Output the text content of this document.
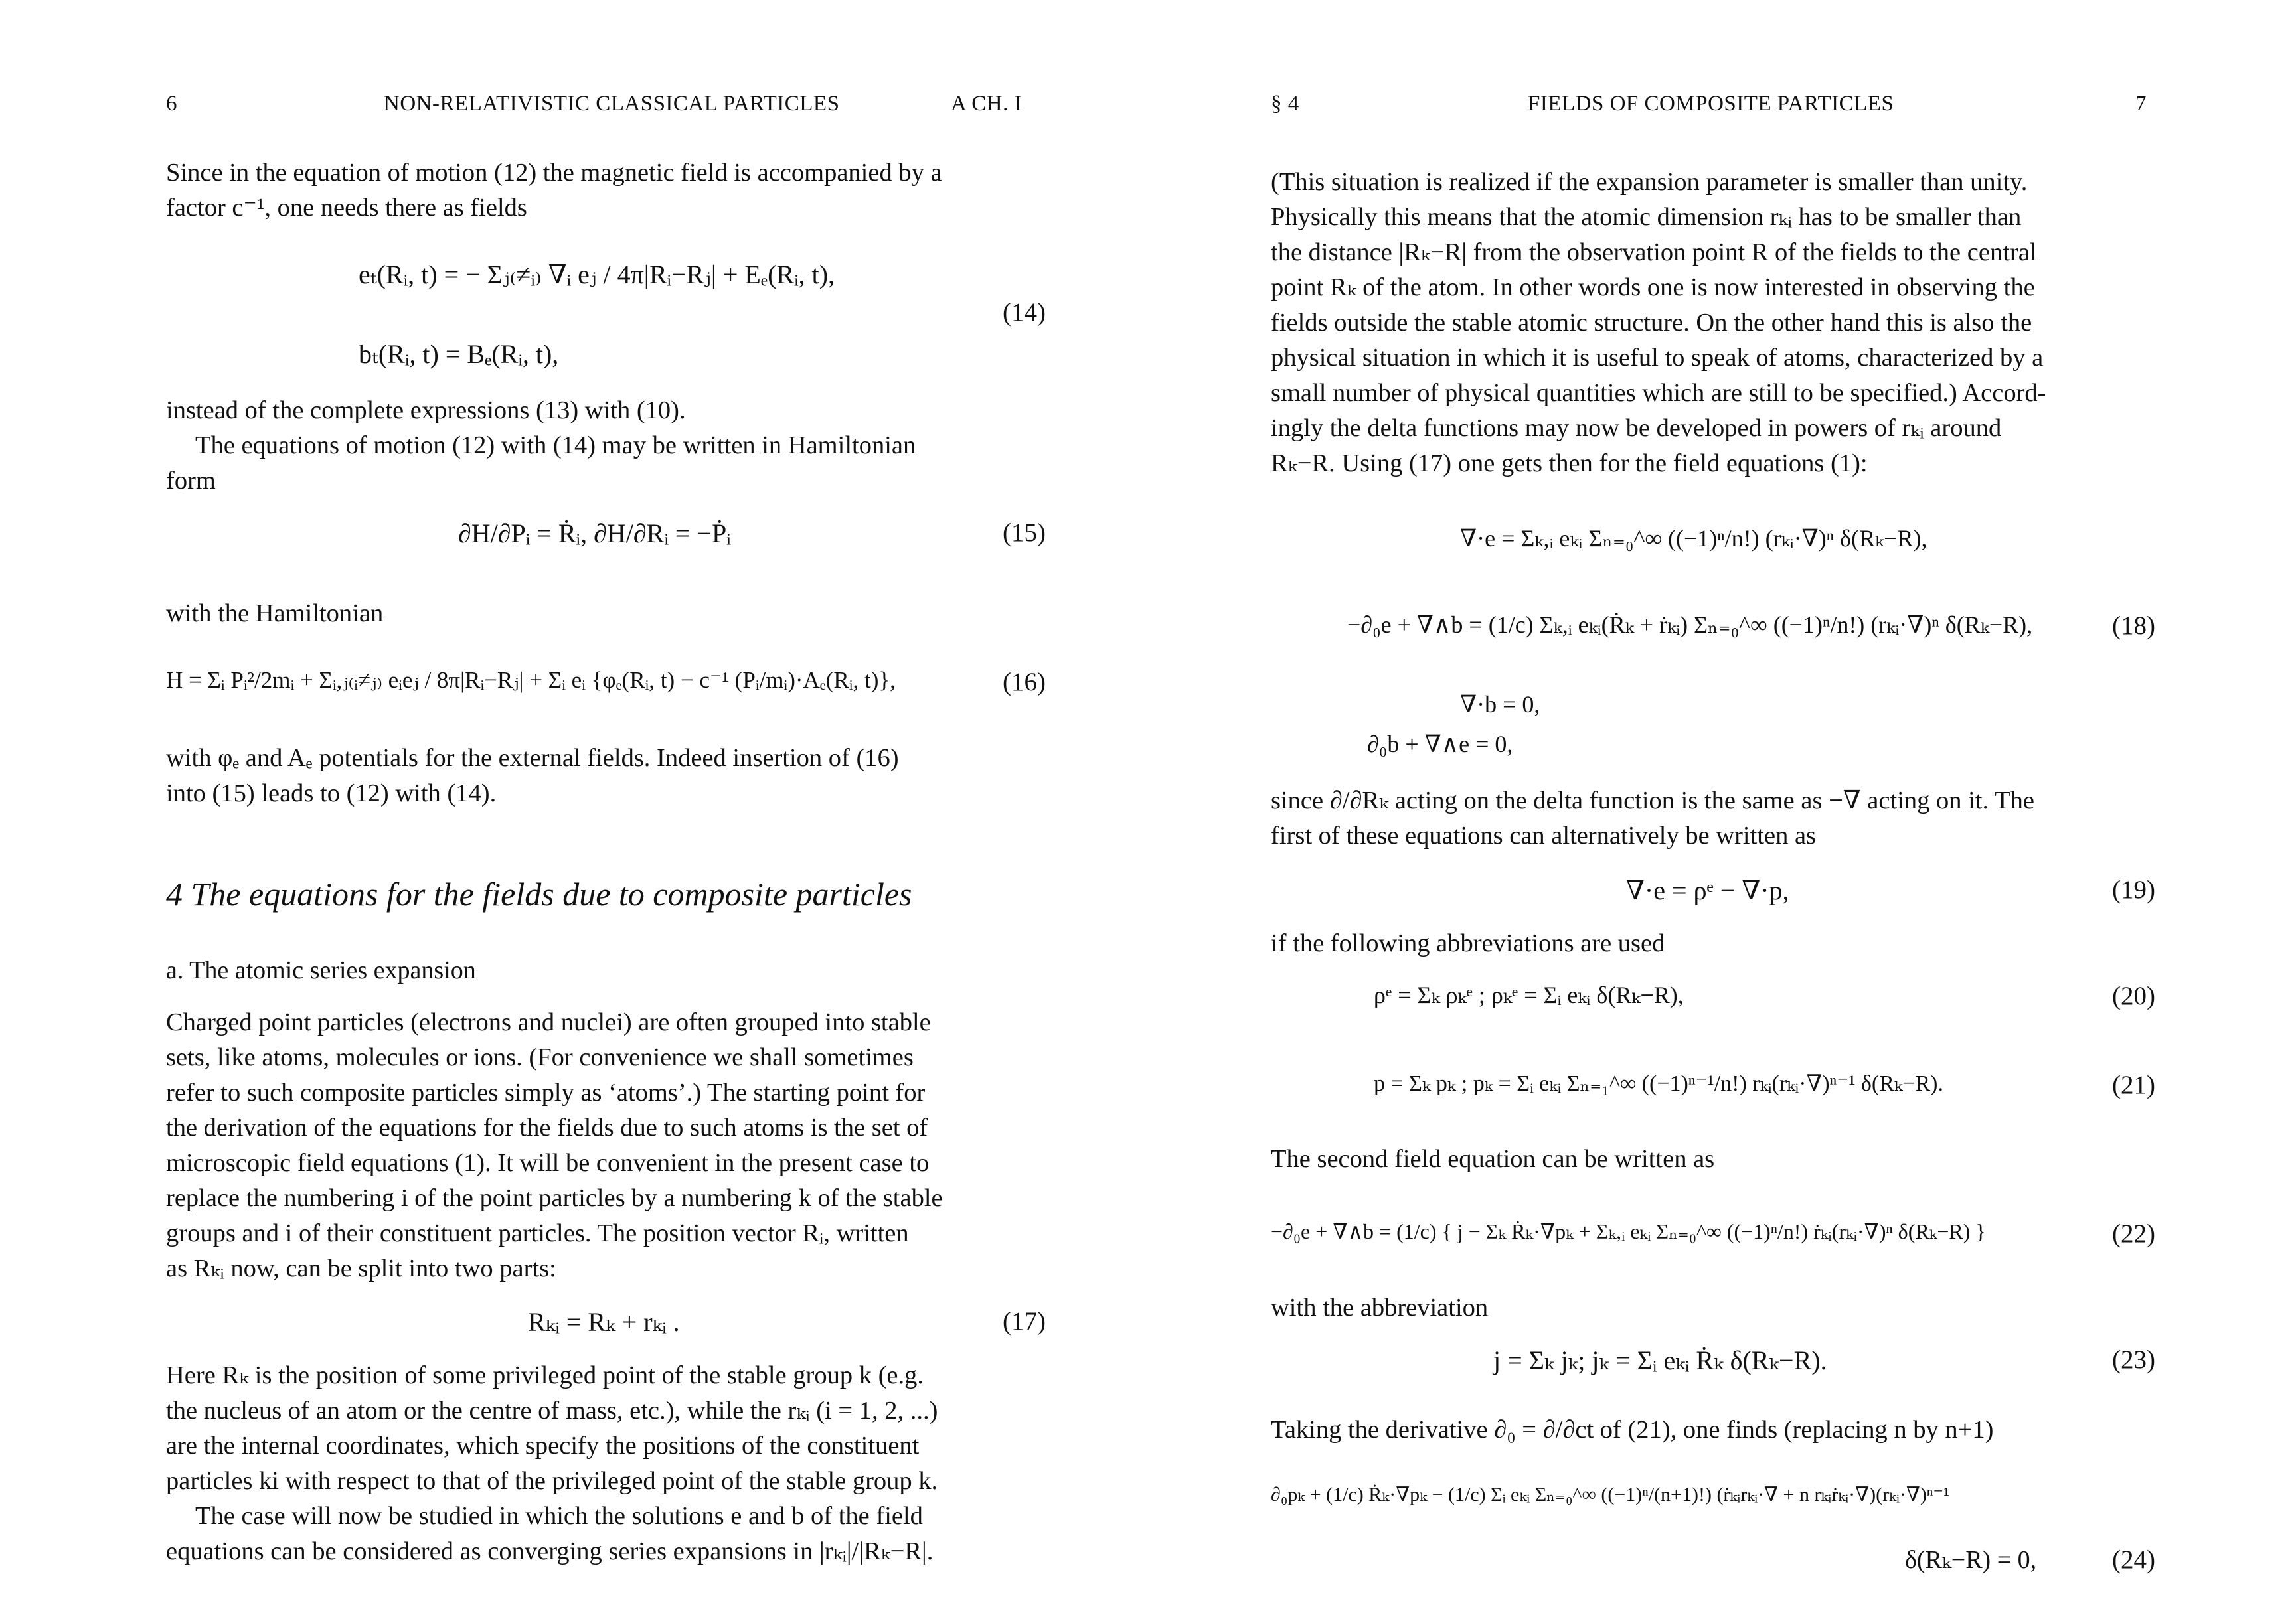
6	NON-RELATIVISTIC CLASSICAL PARTICLES	A CH. I
Since in the equation of motion (12) the magnetic field is accompanied by a
factor c⁻¹, one needs there as fields
eₜ(Rᵢ, t) = − Σⱼ₍≠ᵢ₎ ∇ᵢ eⱼ / 4π|Rᵢ−Rⱼ| + Eₑ(Rᵢ, t),
bₜ(Rᵢ, t) = Bₑ(Rᵢ, t),
(14)
instead of the complete expressions (13) with (10).
The equations of motion (12) with (14) may be written in Hamiltonian
form
∂H/∂Pᵢ = Ṙᵢ, ∂H/∂Rᵢ = −Ṗᵢ	(15)
with the Hamiltonian
H = Σᵢ Pᵢ²/2mᵢ + Σᵢ,ⱼ₍ᵢ≠ⱼ₎ eᵢeⱼ / 8π|Rᵢ−Rⱼ| + Σᵢ eᵢ {φₑ(Rᵢ, t) − c⁻¹ (Pᵢ/mᵢ)·Aₑ(Rᵢ, t)},	(16)
with φₑ and Aₑ potentials for the external fields. Indeed insertion of (16)
into (15) leads to (12) with (14).
4 The equations for the fields due to composite particles
a. The atomic series expansion
Charged point particles (electrons and nuclei) are often grouped into stable
sets, like atoms, molecules or ions. (For convenience we shall sometimes
refer to such composite particles simply as ‘atoms’.) The starting point for
the derivation of the equations for the fields due to such atoms is the set of
microscopic field equations (1). It will be convenient in the present case to
replace the numbering i of the point particles by a numbering k of the stable
groups and i of their constituent particles. The position vector Rᵢ, written
as Rₖᵢ now, can be split into two parts:
Rₖᵢ = Rₖ + rₖᵢ .	(17)
Here Rₖ is the position of some privileged point of the stable group k (e.g.
the nucleus of an atom or the centre of mass, etc.), while the rₖᵢ (i = 1, 2, ...)
are the internal coordinates, which specify the positions of the constituent
particles ki with respect to that of the privileged point of the stable group k.
The case will now be studied in which the solutions e and b of the field
equations can be considered as converging series expansions in |rₖᵢ|/|Rₖ−R|.
§ 4	FIELDS OF COMPOSITE PARTICLES	7
(This situation is realized if the expansion parameter is smaller than unity.
Physically this means that the atomic dimension rₖᵢ has to be smaller than
the distance |Rₖ−R| from the observation point R of the fields to the central
point Rₖ of the atom. In other words one is now interested in observing the
fields outside the stable atomic structure. On the other hand this is also the
physical situation in which it is useful to speak of atoms, characterized by a
small number of physical quantities which are still to be specified.) Accord-
ingly the delta functions may now be developed in powers of rₖᵢ around
Rₖ−R. Using (17) one gets then for the field equations (1):
∇·e = Σₖ,ᵢ eₖᵢ Σₙ₌₀^∞ ((−1)ⁿ/n!) (rₖᵢ·∇)ⁿ δ(Rₖ−R),
−∂₀e + ∇∧b = (1/c) Σₖ,ᵢ eₖᵢ(Ṙₖ + ṙₖᵢ) Σₙ₌₀^∞ ((−1)ⁿ/n!) (rₖᵢ·∇)ⁿ δ(Rₖ−R),
∇·b = 0,
∂₀b + ∇∧e = 0,
(18)
since ∂/∂Rₖ acting on the delta function is the same as −∇ acting on it. The
first of these equations can alternatively be written as
∇·e = ρᵉ − ∇·p,	(19)
if the following abbreviations are used
ρᵉ = Σₖ ρₖᵉ ; ρₖᵉ = Σᵢ eₖᵢ δ(Rₖ−R),	(20)
p = Σₖ pₖ ; pₖ = Σᵢ eₖᵢ Σₙ₌₁^∞ ((−1)ⁿ⁻¹/n!) rₖᵢ(rₖᵢ·∇)ⁿ⁻¹ δ(Rₖ−R).	(21)
The second field equation can be written as
−∂₀e + ∇∧b = (1/c) { j − Σₖ Ṙₖ·∇pₖ + Σₖ,ᵢ eₖᵢ Σₙ₌₀^∞ ((−1)ⁿ/n!) ṙₖᵢ(rₖᵢ·∇)ⁿ δ(Rₖ−R) }	(22)
with the abbreviation
j = Σₖ jₖ; jₖ = Σᵢ eₖᵢ Ṙₖ δ(Rₖ−R).	(23)
Taking the derivative ∂₀ = ∂/∂ct of (21), one finds (replacing n by n+1)
∂₀pₖ + (1/c) Ṙₖ·∇pₖ − (1/c) Σᵢ eₖᵢ Σₙ₌₀^∞ ((−1)ⁿ/(n+1)!) (ṙₖᵢrₖᵢ·∇ + n rₖᵢṙₖᵢ·∇)(rₖᵢ·∇)ⁿ⁻¹
δ(Rₖ−R) = 0,	(24)
